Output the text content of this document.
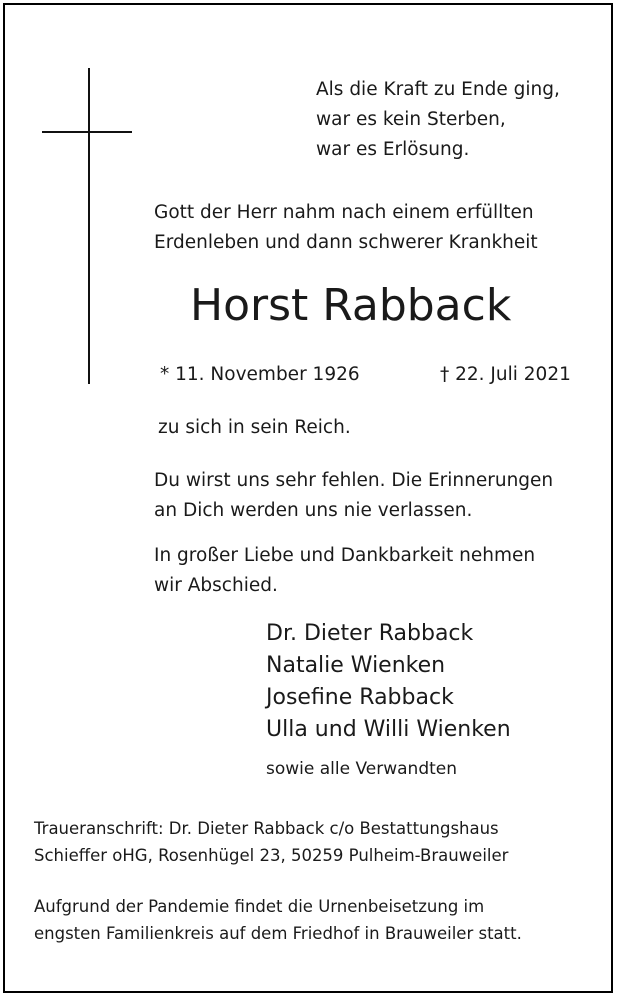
Als die Kraft zu Ende ging,
war es kein Sterben,
war es Erlösung.
Gott der Herr nahm nach einem erfüllten
Erdenleben und dann schwerer Krankheit
Horst Rabback
* 11. November 1926	† 22. Juli 2021
zu sich in sein Reich.
Du wirst uns sehr fehlen. Die Erinnerungen
an Dich werden uns nie verlassen.
In großer Liebe und Dankbarkeit nehmen
wir Abschied.
Dr. Dieter Rabback
Natalie Wienken
Josefine Rabback
Ulla und Willi Wienken
sowie alle Verwandten
Traueranschrift: Dr. Dieter Rabback c/o Bestattungshaus
Schieffer oHG, Rosenhügel 23, 50259 Pulheim-Brauweiler
Aufgrund der Pandemie findet die Urnenbeisetzung im
engsten Familienkreis auf dem Friedhof in Brauweiler statt.
